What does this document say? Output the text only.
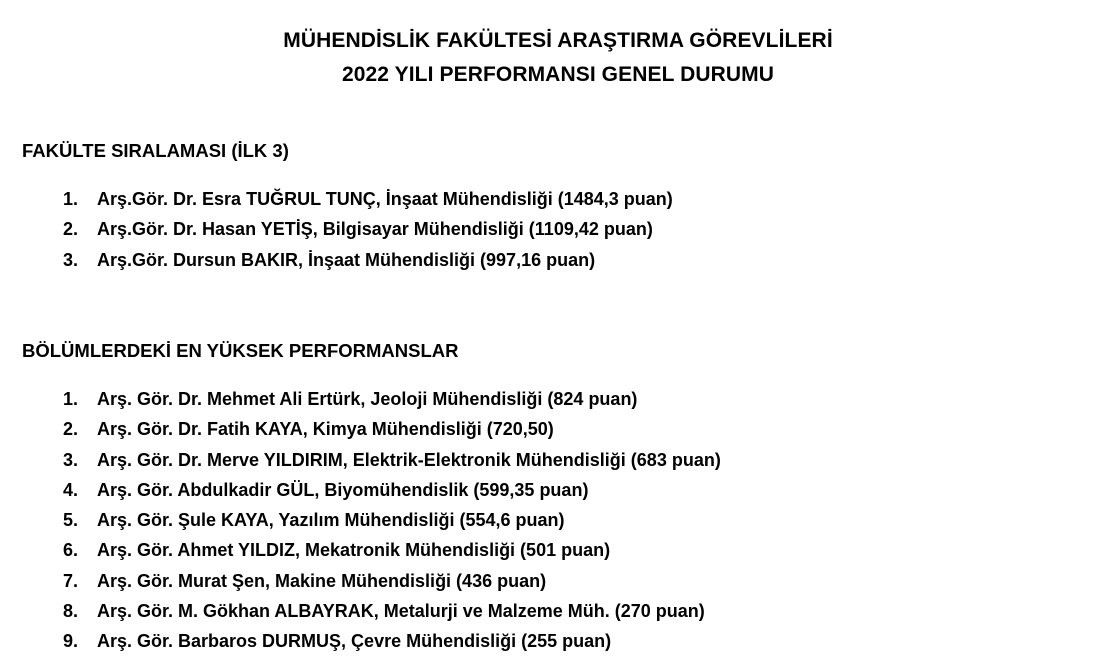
MÜHENDİSLİK FAKÜLTESİ ARAŞTIRMA GÖREVLİLERİ
2022 YILI PERFORMANSI GENEL DURUMU
FAKÜLTE SIRALAMASI (İLK 3)
1. Arş.Gör. Dr. Esra TUĞRUL TUNÇ, İnşaat Mühendisliği (1484,3 puan)
2. Arş.Gör. Dr. Hasan YETİŞ, Bilgisayar Mühendisliği (1109,42 puan)
3. Arş.Gör. Dursun BAKIR, İnşaat Mühendisliği (997,16 puan)
BÖLÜMLERDEKİ EN YÜKSEK PERFORMANSLAR
1. Arş. Gör. Dr. Mehmet Ali Ertürk, Jeoloji Mühendisliği (824 puan)
2. Arş. Gör. Dr. Fatih KAYA, Kimya Mühendisliği (720,50)
3. Arş. Gör. Dr. Merve YILDIRIM, Elektrik-Elektronik Mühendisliği (683 puan)
4. Arş. Gör. Abdulkadir GÜL, Biyomühendislik (599,35 puan)
5. Arş. Gör. Şule KAYA, Yazılım Mühendisliği (554,6 puan)
6. Arş. Gör. Ahmet YILDIZ, Mekatronik Mühendisliği (501 puan)
7. Arş. Gör. Murat Şen, Makine Mühendisliği (436 puan)
8. Arş. Gör. M. Gökhan ALBAYRAK, Metalurji ve Malzeme Müh. (270 puan)
9. Arş. Gör. Barbaros DURMUŞ, Çevre Mühendisliği (255 puan)
